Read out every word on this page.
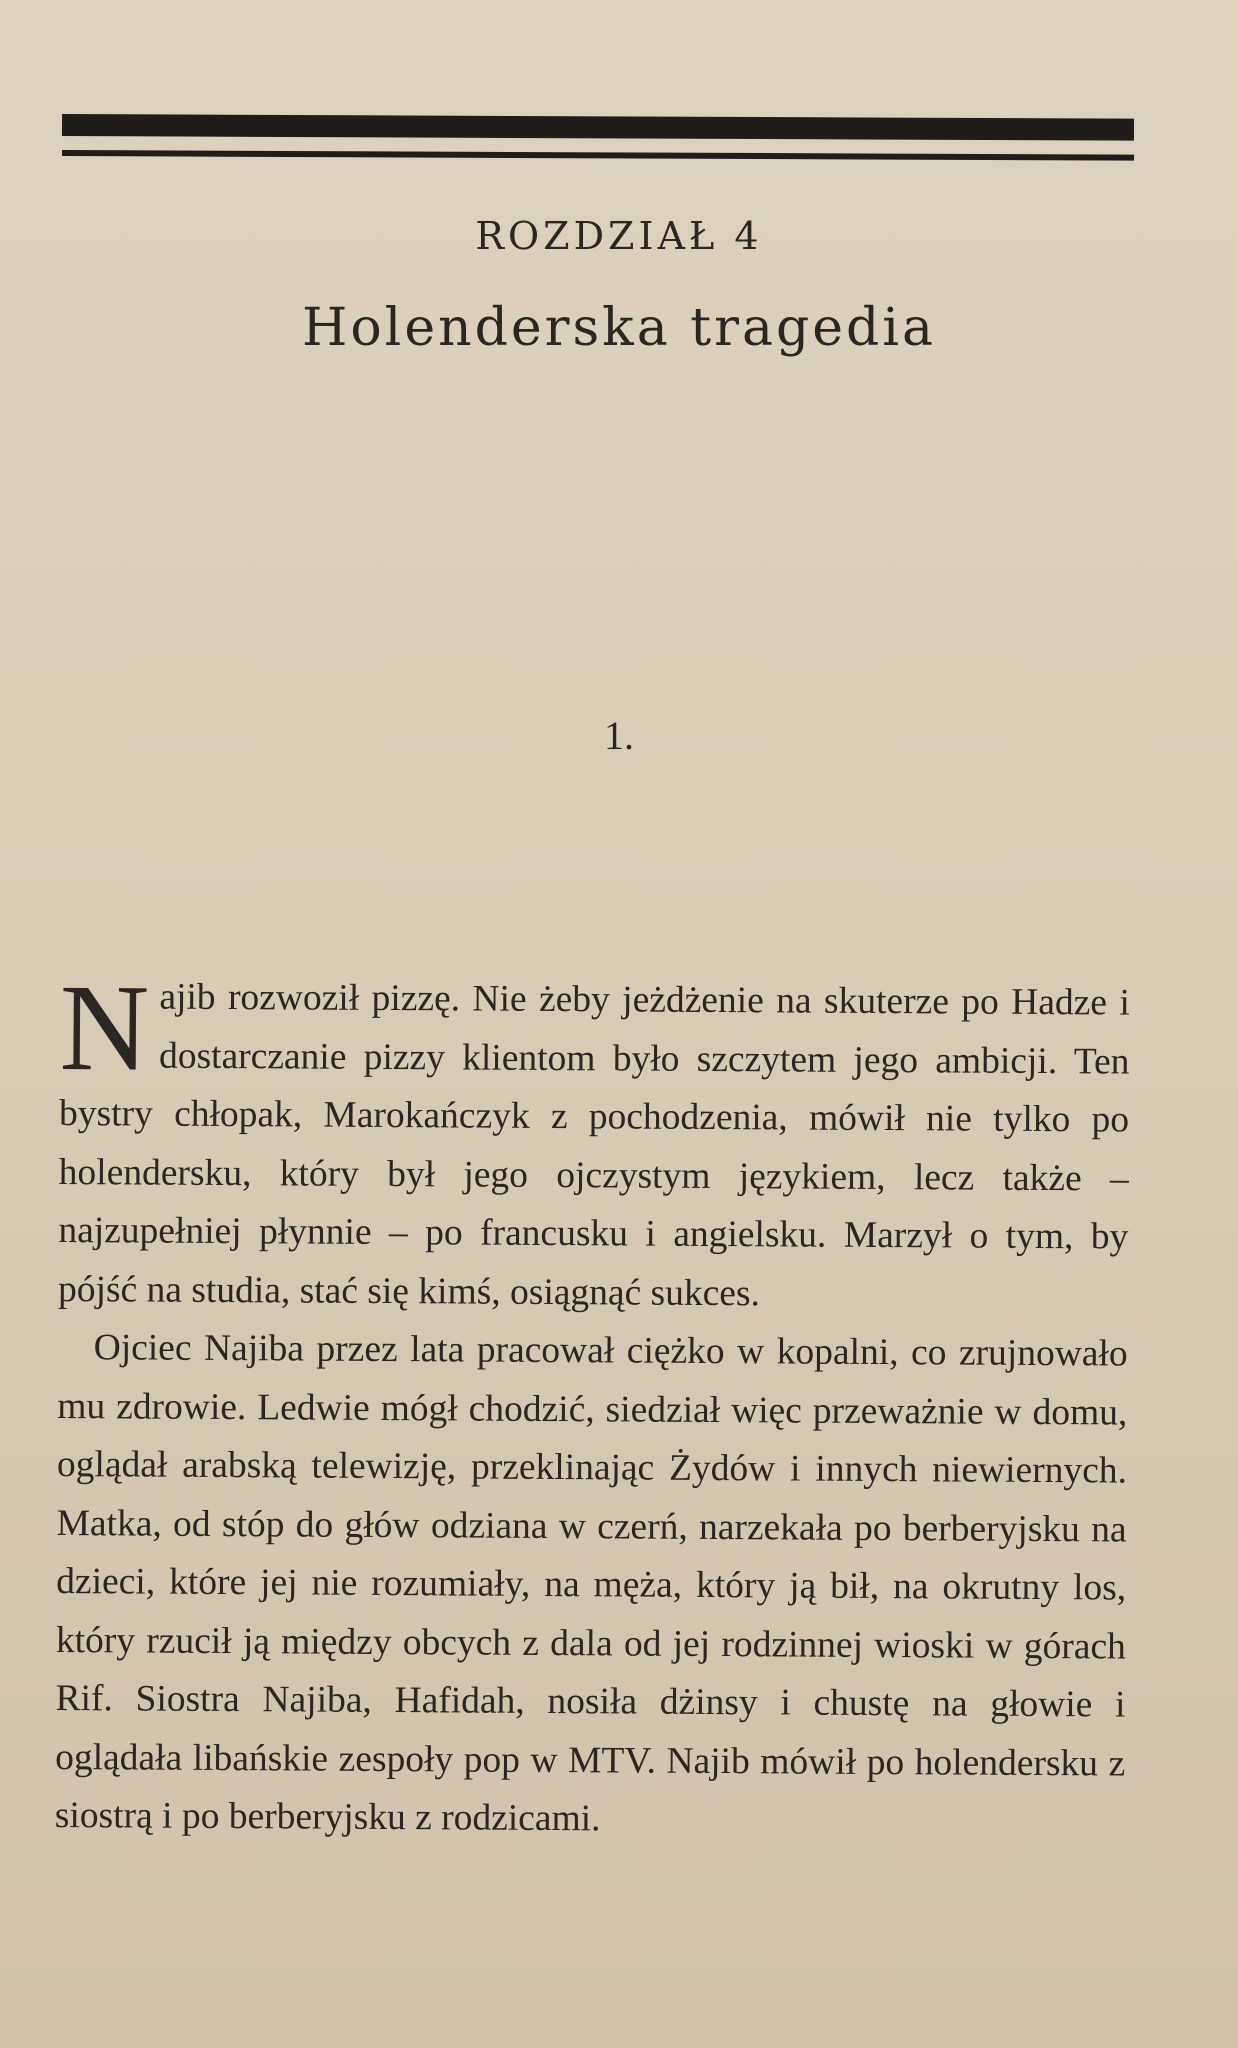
ROZDZIAŁ 4
Holenderska tragedia
1.

Najib rozwoził pizzę. Nie żeby jeżdżenie na skuterze po Hadze i dostarczanie pizzy klientom było szczytem jego ambicji. Ten bystry chłopak, Marokańczyk z pochodzenia, mówił nie tylko po holendersku, który był jego ojczystym językiem, lecz także – najzupełniej płynnie – po francusku i angielsku. Marzył o tym, by pójść na studia, stać się kimś, osiągnąć sukces.

Ojciec Najiba przez lata pracował ciężko w kopalni, co zrujnowało mu zdrowie. Ledwie mógł chodzić, siedział więc przeważnie w domu, oglądał arabską telewizję, przeklinając Żydów i innych niewiernych. Matka, od stóp do głów odziana w czerń, narzekała po berberyjsku na dzieci, które jej nie rozumiały, na męża, który ją bił, na okrutny los, który rzucił ją między obcych z dala od jej rodzinnej wioski w górach Rif. Siostra Najiba, Hafidah, nosiła dżinsy i chustę na głowie i oglądała libańskie zespoły pop w MTV. Najib mówił po holendersku z siostrą i po berberyjsku z rodzicami.
